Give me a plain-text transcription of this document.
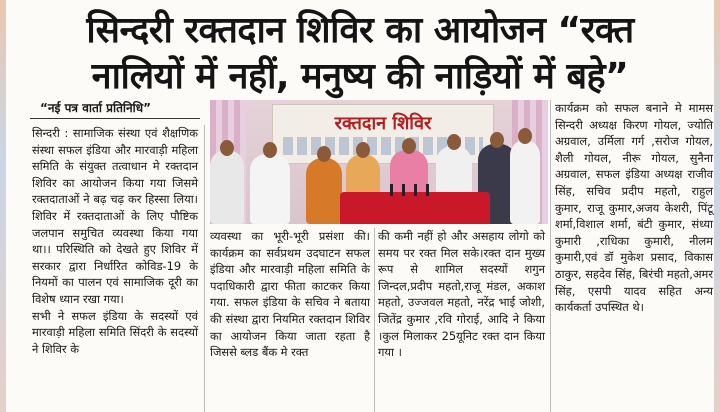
सिन्दरी रक्तदान शिविर का आयोजन “रक्त
नालियों में नहीं, मनुष्य की नाड़ियों में बहे”
“नई पत्र वार्ता प्रतिनिधि”

सिन्दरी : सामाजिक संस्था एवं शैक्षणिक संस्था सफल इंडिया और मारवाड़ी महिला समिति के संयुक्त तत्वाधान मे रक्तदान शिविर का आयोजन किया गया जिसमे रक्तदाताओं ने बढ़ चढ़ कर हिस्सा लिया।शिविर में रक्तदाताओं के लिए पौष्टिक जलपान समुचित व्यवस्था किया गया था।। परिस्थिति को देखते हुए शिविर में सरकार द्वारा निर्धारित कोविड-19 के नियमों का पालन एवं सामाजिक दूरी का विशेष ध्यान रखा गया।

सभी ने सफल इंडिया के सदस्यों एवं मारवाड़ी महिला समिति सिंदरी के सदस्यों ने शिविर के

रक्तदान शिविर
व्यवस्था का भूरी-भूरी प्रसंशा की।कार्यक्रम का सर्वप्रथम उदघाटन सफल इंडिया और मारवाड़ी महिला समिति के पदाधिकारी द्वारा फीता काटकर किया गया. सफल इंडिया के सचिव ने बताया की संस्था द्वारा नियमित रक्तदान शिविर का आयोजन किया जाता रहता है जिससे ब्लड बैंक मे रक्त
की कमी नहीं हो और असहाय लोगो को समय पर रक्त मिल सके।रक्त दान मुख्य रूप से शामिल सदस्यों शगुन जिन्दल,प्रदीप महतो,राजू मंडल, अकाश महतो, उज्जवल महतो, नरेंद्र भाई जोशी, जितेंद्र कुमार ,रवि गोराई, आदि ने किया ।कुल मिलाकर 25यूनिट रक्त दान किया गया ।
कार्यक्रम को सफल बनाने मे मामस सिन्दरी अध्यक्ष किरण गोयल, ज्योति अग्रवाल, उर्मिला गर्ग ,सरोज गोयल, शैली गोयल, नीरू गोयल, सुनैना अग्रवाल, सफल इंडिया अध्यक्ष राजीव सिंह, सचिव प्रदीप महतो, राहुल कुमार, राजू कुमार,अजय केशरी, पिंटू शर्मा,विशाल शर्मा, बंटी कुमार, संध्या कुमारी ,राधिका कुमारी, नीलम कुमारी,एवं डॉ मुकेश प्रसाद, विकास ठाकुर, सहदेव सिंह, बिरंची महतो,अमर सिंह, एसपी यादव सहित अन्य कार्यकर्ता उपस्थित थे।
